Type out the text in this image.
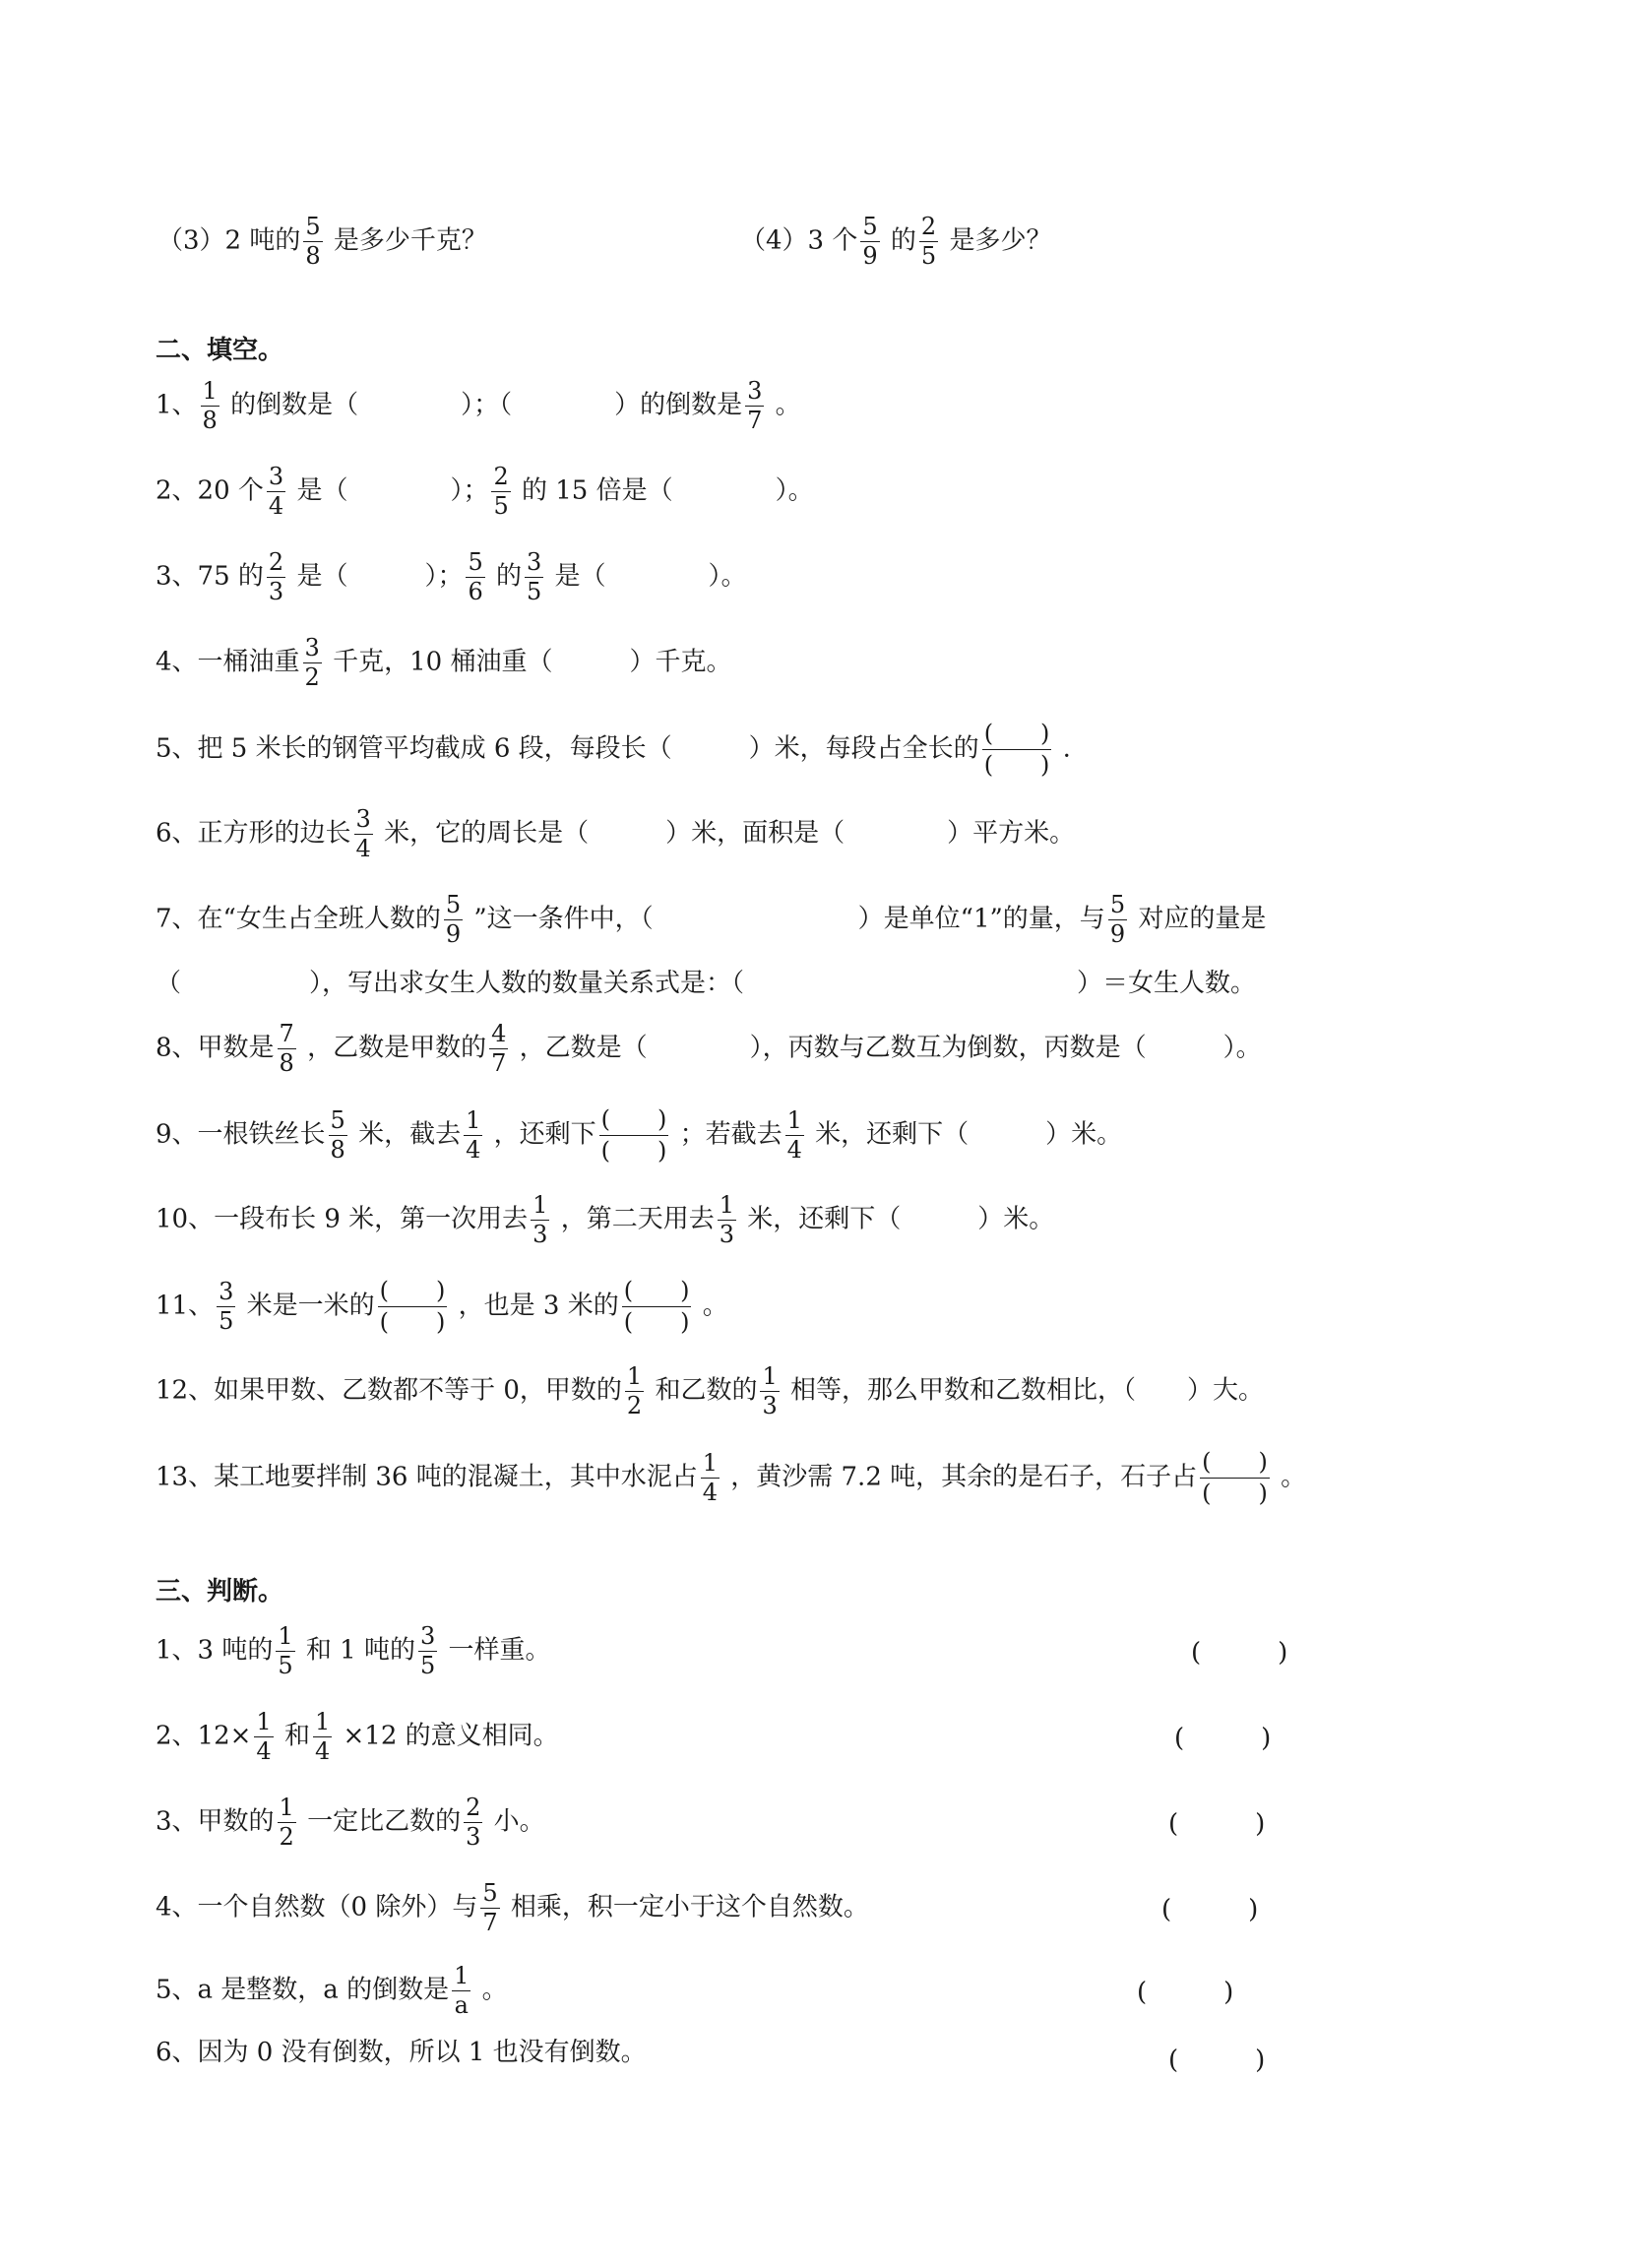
（3）2 吨的 $\frac{5}{8}$ 是多少千克？	（4）3 个 $\frac{5}{9}$ 的 $\frac{2}{5}$ 是多少？
二、填空。
1、 $\frac{1}{8}$ 的倒数是（　　　　）；（　　　　）的倒数是 $\frac{3}{7}$ 。
2、20 个 $\frac{3}{4}$ 是（　　　　）； $\frac{2}{5}$ 的 15 倍是（　　　　）。
3、75 的 $\frac{2}{3}$ 是（　　　）； $\frac{5}{6}$ 的 $\frac{3}{5}$ 是（　　　　）。
4、一桶油重 $\frac{3}{2}$ 千克，10 桶油重（　　　）千克。
5、把 5 米长的钢管平均截成 6 段，每段长（　　　）米，每段占全长的 $\frac{( )}{( )}$ .
6、正方形的边长 $\frac{3}{4}$ 米，它的周长是（　　　）米，面积是（　　　　）平方米。
7、在“女生占全班人数的 $\frac{5}{9}$ ”这一条件中，（　　　　　　　　）是单位“1”的量，与 $\frac{5}{9}$ 对应的量是
（　　　　　），写出求女生人数的数量关系式是：（　　　　　　　　　　　　　）＝女生人数。
8、甲数是 $\frac{7}{8}$ ，乙数是甲数的 $\frac{4}{7}$ ，乙数是（　　　　），丙数与乙数互为倒数，丙数是（　　　）。
9、一根铁丝长 $\frac{5}{8}$ 米，截去 $\frac{1}{4}$ ，还剩下 $\frac{( )}{( )}$ ；若截去 $\frac{1}{4}$ 米，还剩下（　　　）米。
10、一段布长 9 米，第一次用去 $\frac{1}{3}$ ，第二天用去 $\frac{1}{3}$ 米，还剩下（　　　）米。
11、 $\frac{3}{5}$ 米是一米的 $\frac{( )}{( )}$ ，也是 3 米的 $\frac{( )}{( )}$ 。
12、如果甲数、乙数都不等于 0，甲数的 $\frac{1}{2}$ 和乙数的 $\frac{1}{3}$ 相等，那么甲数和乙数相比，（　　）大。
13、某工地要拌制 36 吨的混凝土，其中水泥占 $\frac{1}{4}$ ，黄沙需 7.2 吨，其余的是石子，石子占 $\frac{( )}{( )}$ 。
三、判断。
1、3 吨的 $\frac{1}{5}$ 和 1 吨的 $\frac{3}{5}$ 一样重。	(　　　)
2、$12\times \frac{1}{4}$ 和 $\frac{1}{4} \times 12$ 的意义相同。	(　　　)
3、甲数的 $\frac{1}{2}$ 一定比乙数的 $\frac{2}{3}$ 小。	(　　　)
4、一个自然数（0 除外）与 $\frac{5}{7}$ 相乘，积一定小于这个自然数。	(　　　)
5、a 是整数，a 的倒数是 $\frac{1}{a}$ 。	(　　　)
6、因为 0 没有倒数，所以 1 也没有倒数。	(　　　)
